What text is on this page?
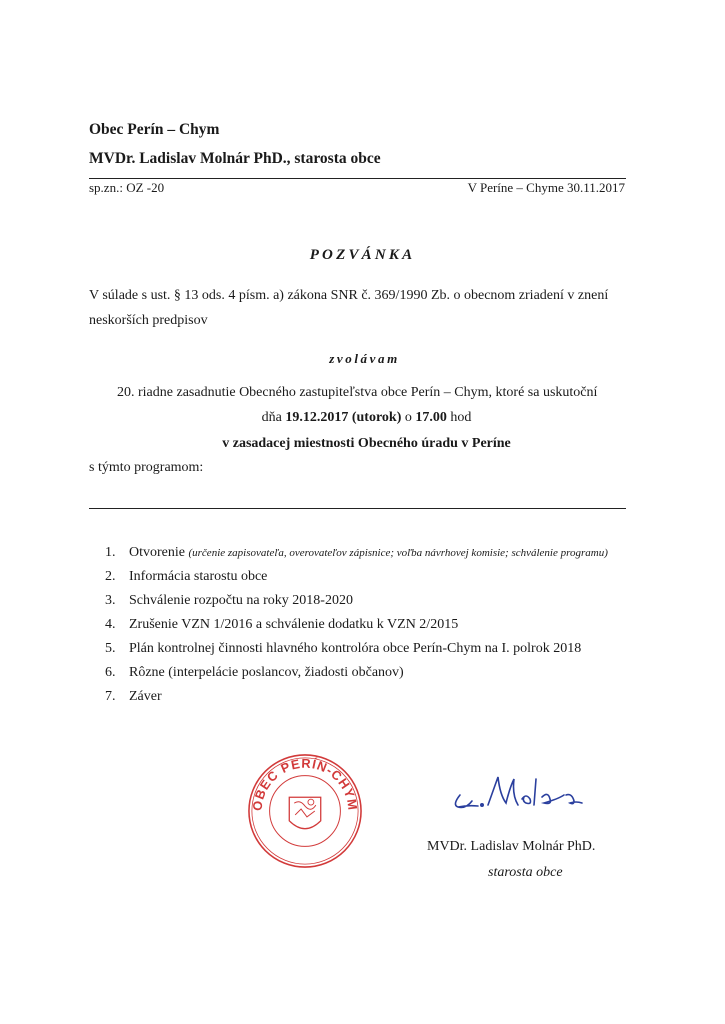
Obec Perín – Chym
MVDr. Ladislav Molnár PhD., starosta obce
sp.zn.: OZ -20	V Períne – Chyme 30.11.2017
POZVÁNKA
V súlade s ust. § 13 ods. 4 písm. a) zákona SNR č. 369/1990 Zb. o obecnom zriadení v znení
neskorších predpisov
zvolávam
20. riadne zasadnutie Obecného zastupiteľstva obce Perín – Chym, ktoré sa uskutoční
dňa 19.12.2017 (utorok) o 17.00 hod
v zasadacej miestnosti Obecného úradu v Períne
s týmto programom:
1. Otvorenie (určenie zapisovateľa, overovateľov zápisnice; voľba návrhovej komisie; schválenie programu)
2. Informácia starostu obce
3. Schválenie rozpočtu na roky 2018-2020
4. Zrušenie VZN 1/2016 a schválenie dodatku k VZN 2/2015
5. Plán kontrolnej činnosti hlavného kontrolóra obce Perín-Chym na I. polrok 2018
6. Rôzne (interpelácie poslancov, žiadosti občanov)
7. Záver
OBEC PERÍN-CHYM
MVDr. Ladislav Molnár PhD.
starosta obce
